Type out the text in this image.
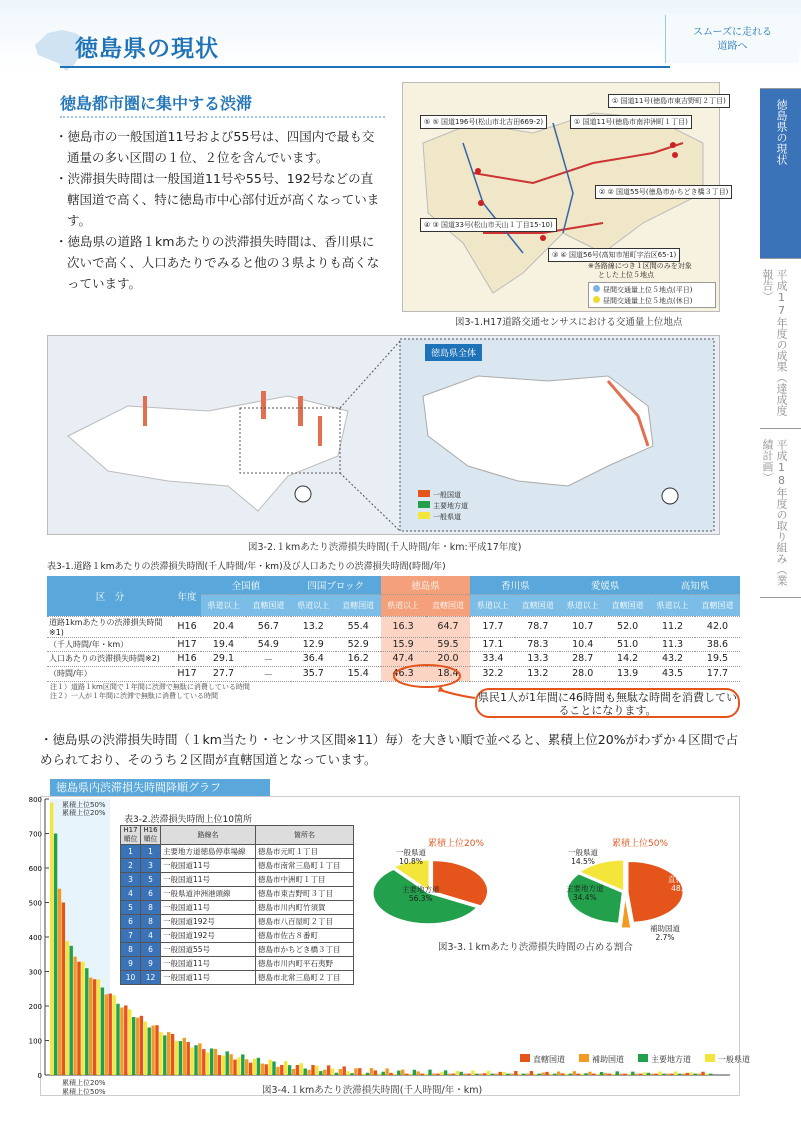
徳島県の現状
スムーズに走れる
道路へ
徳島県の現状
平成17年度の成果（達成度報告）
平成18年度の取り組み（業績計画）
徳島都市圏に集中する渋滞

・徳島市の一般国道11号および55号は、四国内で最も交通量の多い区間の１位、２位を含んでいます。

・渋滞損失時間は一般国道11号や55号、192号などの直轄国道で高く、特に徳島市中心部付近が高くなっています。

・徳島県の道路１kmあたりの渋滞損失時間は、香川県に次いで高く、人口あたりでみると他の３県よりも高くなっています。

① 国道11号(徳島市東吉野町２丁目)
① 国道11号(徳島市南沖洲町１丁目)
⑤ ⑤ 国道196号(松山市北吉田669-2)
② ② 国道55号(徳島市かちどき橋３丁目)
④ ③ 国道33号(松山市天山１丁目15-10)
③ ④ 国道56号(高知市旭町宇治区65-1)
※各路線につき１区間のみを対象
とした上位５地点
昼間交通量上位５地点(平日)
昼間交通量上位５地点(休日)
図3-1.H17道路交通センサスにおける交通量上位地点
徳島県全体
一般国道
主要地方道
一般県道
図3-2.１kmあたり渋滞損失時間(千人時間/年・km:平成17年度)
表3-1.道路１kmあたりの渋滞損失時間(千人時間/年・km)及び人口あたりの渋滞損失時間(時間/年)
区　分	年度	全国値		四国ブロック		徳島県		香川県		愛媛県		高知県	
		県道以上	直轄国道	県道以上	直轄国道	県道以上	直轄国道	県道以上	直轄国道	県道以上	直轄国道	県道以上	直轄国道
道路1kmあたりの渋滞損失時間※1)	H16	20.4	56.7	13.2	55.4	16.3	64.7	17.7	78.7	10.7	52.0	11.2	42.0
（千人時間/年・km）	H17	19.4	54.9	12.9	52.9	15.9	59.5	17.1	78.3	10.4	51.0	11.3	38.6
人口あたりの渋滞損失時間※2)	H16	29.1	－	36.4	16.2	47.4	20.0	33.4	13.3	28.7	14.2	43.2	19.5
（時間/年）	H17	27.7	－	35.7	15.4	46.3	18.4	32.2	13.2	28.0	13.9	43.5	17.7
注１）道路１km区間で１年間に渋滞で無駄に消費している時間
注２）一人が１年間に渋滞で無駄に消費している時間	県民1人が1年間に46時間も無駄な時間を消費していることになります。
・徳島県の渋滞損失時間（１km当たり・センサス区間※11）毎）を大きい順で並べると、累積上位20%がわずか４区間で占められており、そのうち２区間が直轄国道となっています。
徳島県内渋滞損失時間降順グラフ
800
700
600
500
400
300
200
100
0
累積上位50%
累積上位20%
累積上位20%
累積上位50%
直轄国道	補助国道	主要地方道	一般県道
図3-4.１kmあたり渋滞損失時間(千人時間/年・km)
表3-2.渋滞損失時間上位10箇所
H17順位	H16順位	路線名	箇所名
1	1	主要地方道徳島停車場線	徳島市元町１丁目
2	3	一般国道11号	徳島市南常三島町１丁目
3	5	一般国道11号	徳島市中洲町１丁目
4	6	一般県道沖洲港頭線	徳島市東吉野町３丁目
5	8	一般国道11号	徳島市川内町竹須賀
6	8	一般国道192号	徳島市八百屋町２丁目
7	4	一般国道192号	徳島市佐古８番町
8	6	一般国道55号	徳島市かちどき橋３丁目
9	9	一般国道11号	徳島市川内町平石夷野
10	12	一般国道11号	徳島市北常三島町２丁目
累積上位20%	累積上位50%
一般県道
10.8%
直轄国道
32.9%
主要地方道
56.3%
一般県道
14.5%
主要地方道
34.4%
直轄国道
48.4%
補助国道
2.7%
図3-3.１kmあたり渋滞損失時間の占める割合
